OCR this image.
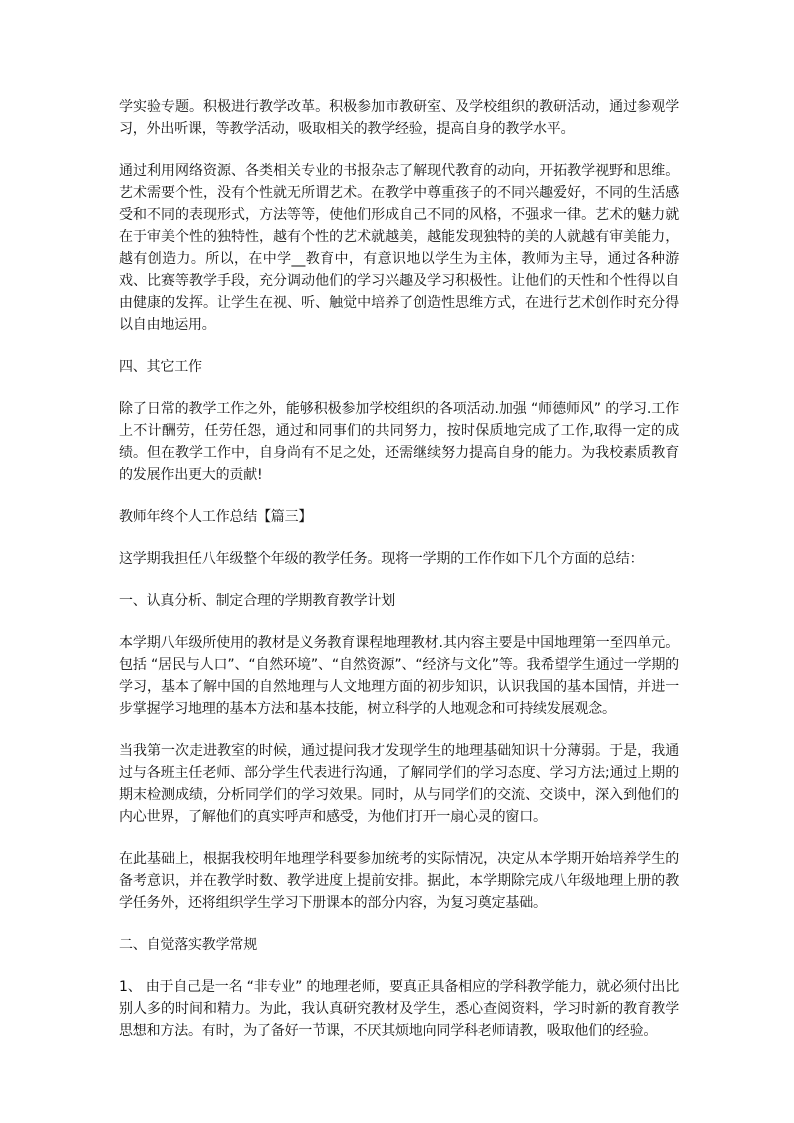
学实验专题。积极进行教学改革。积极参加市教研室、及学校组织的教研活动，通过参观学习，外出听课，等教学活动，吸取相关的教学经验，提高自身的教学水平。

通过利用网络资源、各类相关专业的书报杂志了解现代教育的动向，开拓教学视野和思维。艺术需要个性，没有个性就无所谓艺术。在教学中尊重孩子的不同兴趣爱好，不同的生活感受和不同的表现形式，方法等等，使他们形成自己不同的风格，不强求一律。艺术的魅力就在于审美个性的独特性，越有个性的艺术就越美，越能发现独特的美的人就越有审美能力，越有创造力。所以，在中学__教育中，有意识地以学生为主体，教师为主导，通过各种游戏、比赛等教学手段，充分调动他们的学习兴趣及学习积极性。让他们的天性和个性得以自由健康的发挥。让学生在视、听、触觉中培养了创造性思维方式，在进行艺术创作时充分得以自由地运用。

四、其它工作

除了日常的教学工作之外，能够积极参加学校组织的各项活动.加强 “师德师风” 的学习.工作上不计酬劳，任劳任怨，通过和同事们的共同努力，按时保质地完成了工作,取得一定的成绩。但在教学工作中，自身尚有不足之处，还需继续努力提高自身的能力。为我校素质教育的发展作出更大的贡献!

教师年终个人工作总结【篇三】

这学期我担任八年级整个年级的教学任务。现将一学期的工作作如下几个方面的总结：

一、认真分析、制定合理的学期教育教学计划

本学期八年级所使用的教材是义务教育课程地理教材.其内容主要是中国地理第一至四单元。包括 “居民与人口”、“自然环境”、“自然资源”、“经济与文化”等。我希望学生通过一学期的学习，基本了解中国的自然地理与人文地理方面的初步知识，认识我国的基本国情，并进一步掌握学习地理的基本方法和基本技能，树立科学的人地观念和可持续发展观念。

当我第一次走进教室的时候，通过提问我才发现学生的地理基础知识十分薄弱。于是，我通过与各班主任老师、部分学生代表进行沟通，了解同学们的学习态度、学习方法;通过上期的期末检测成绩，分析同学们的学习效果。同时，从与同学们的交流、交谈中，深入到他们的内心世界，了解他们的真实呼声和感受，为他们打开一扇心灵的窗口。

在此基础上，根据我校明年地理学科要参加统考的实际情况，决定从本学期开始培养学生的备考意识，并在教学时数、教学进度上提前安排。据此，本学期除完成八年级地理上册的教学任务外，还将组织学生学习下册课本的部分内容，为复习奠定基础。

二、自觉落实教学常规

1、 由于自己是一名 “非专业” 的地理老师，要真正具备相应的学科教学能力，就必须付出比别人多的时间和精力。为此，我认真研究教材及学生，悉心查阅资料，学习时新的教育教学思想和方法。有时，为了备好一节课，不厌其烦地向同学科老师请教，吸取他们的经验。
